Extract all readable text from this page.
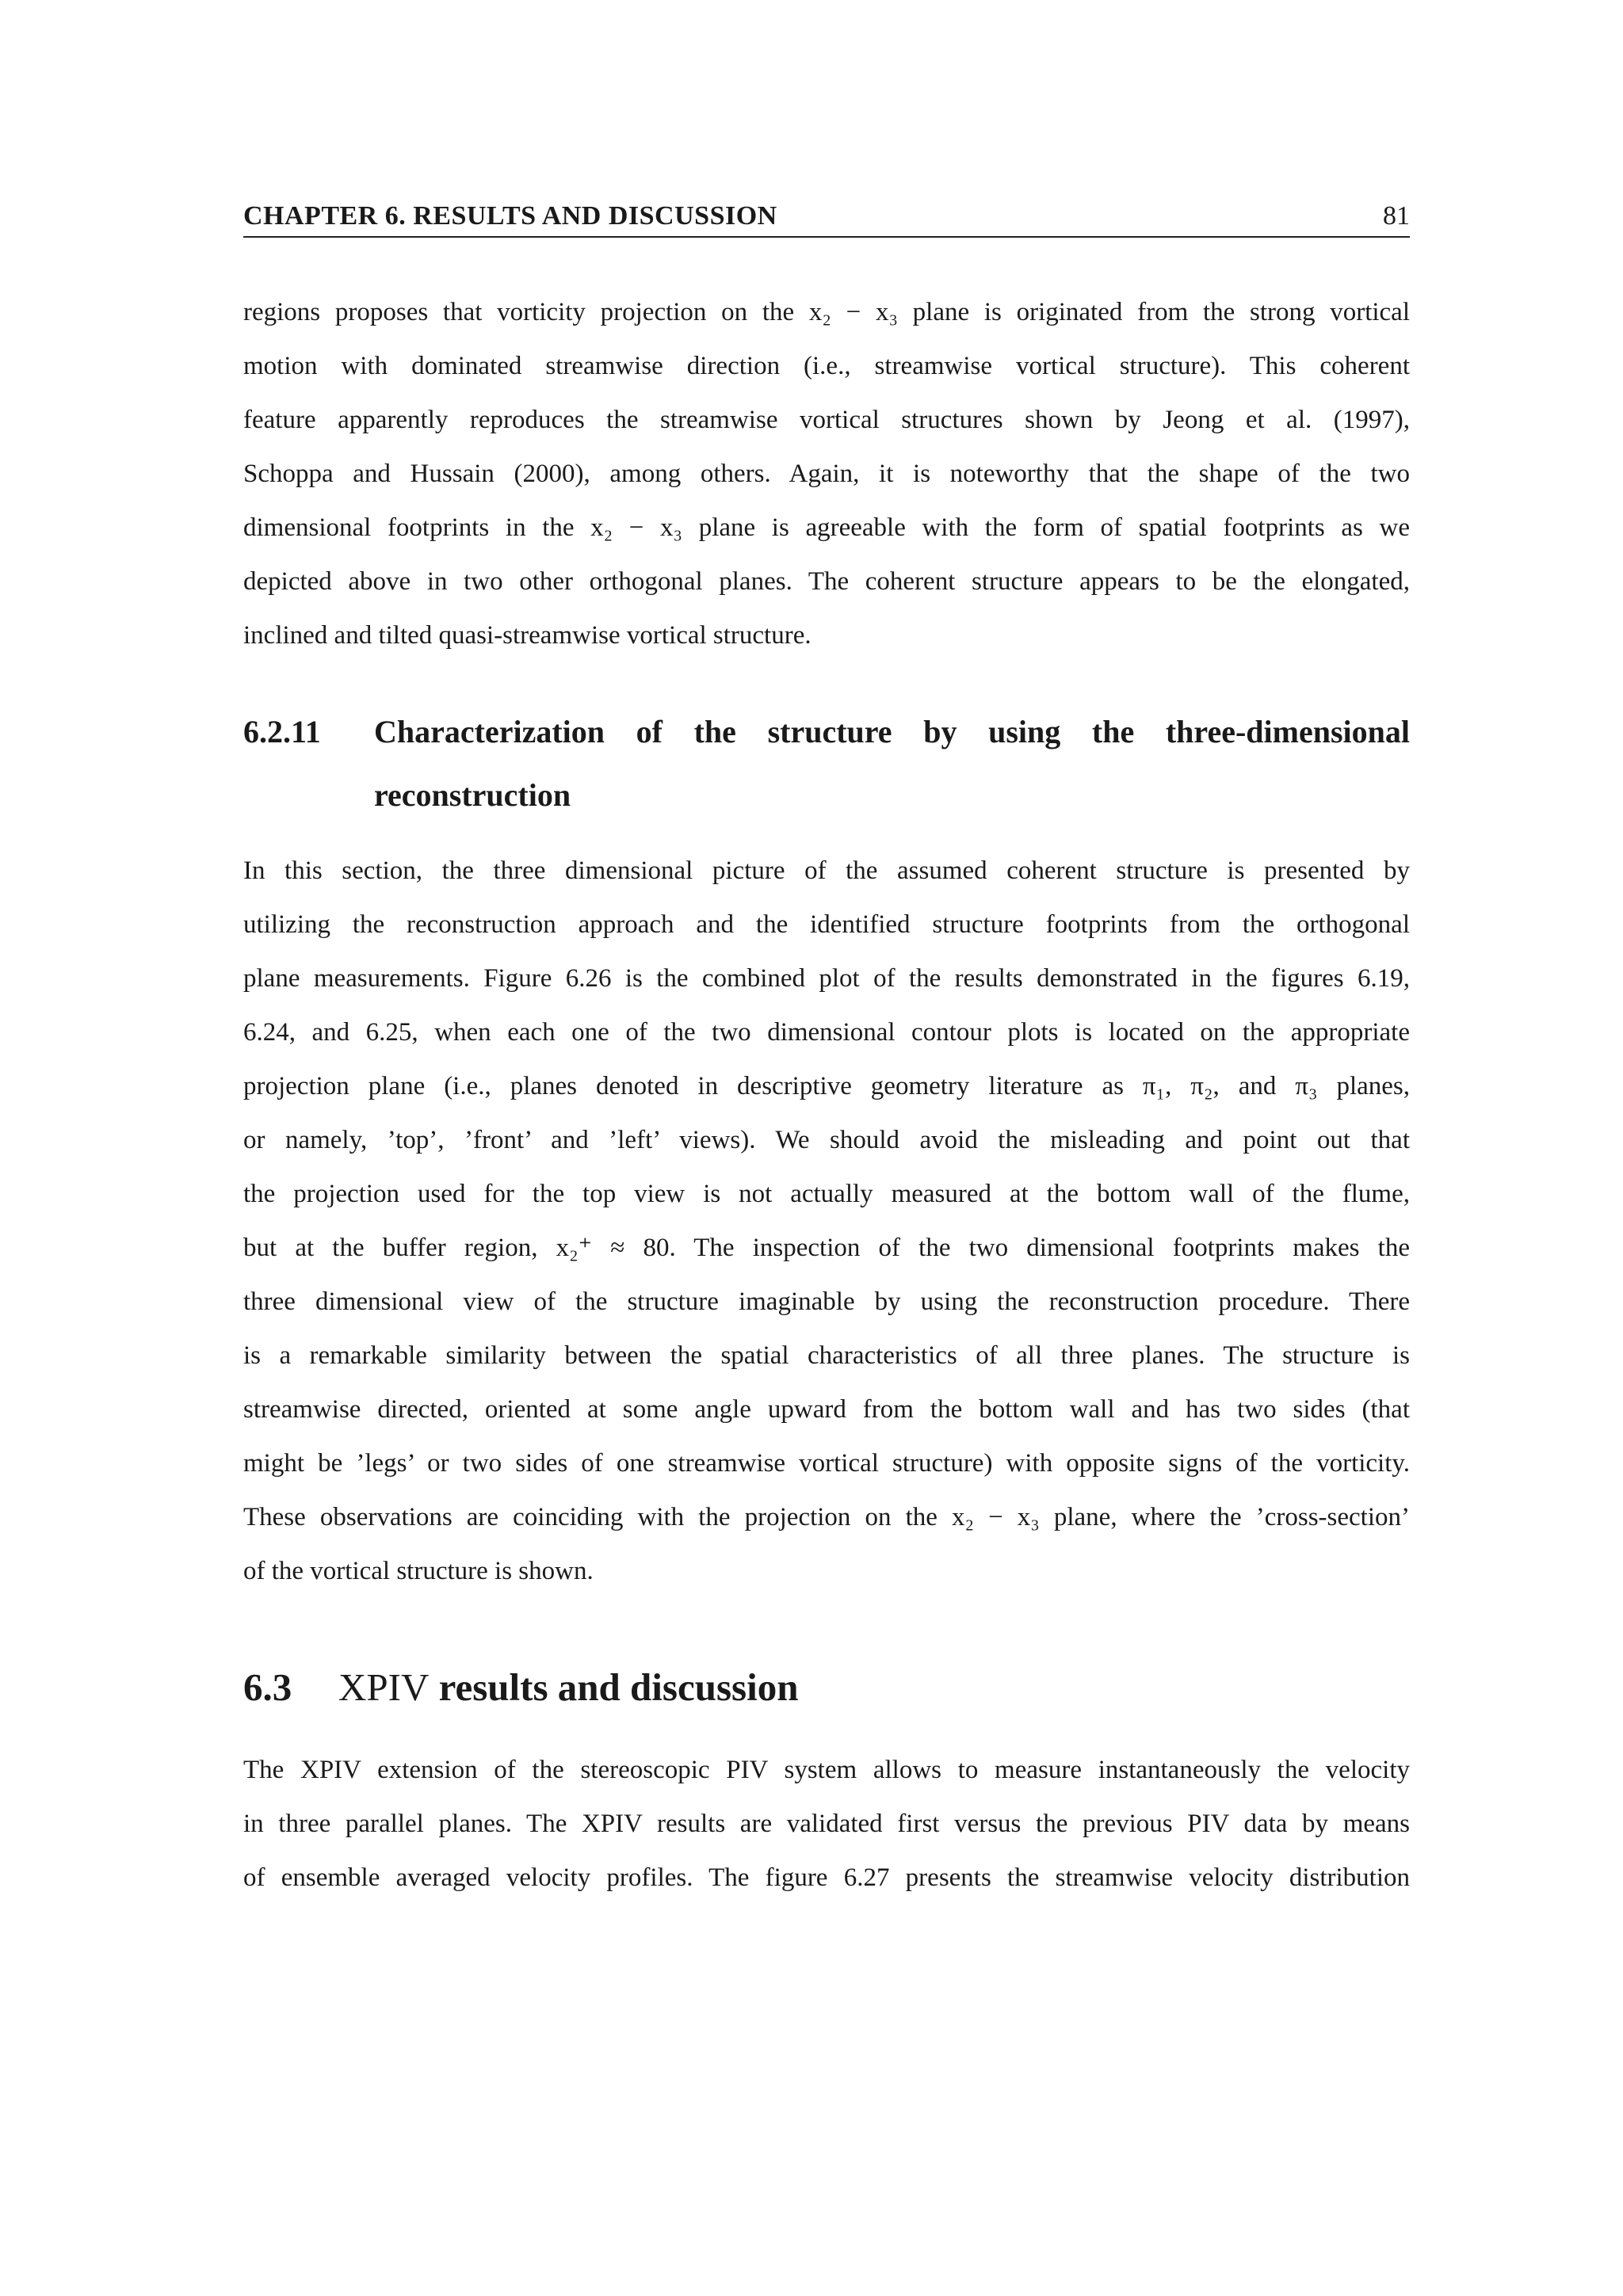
CHAPTER 6. RESULTS AND DISCUSSION	81
regions proposes that vorticity projection on the x₂ − x₃ plane is originated from the strong vortical
motion with dominated streamwise direction (i.e., streamwise vortical structure). This coherent
feature apparently reproduces the streamwise vortical structures shown by Jeong et al. (1997),
Schoppa and Hussain (2000), among others. Again, it is noteworthy that the shape of the two
dimensional footprints in the x₂ − x₃ plane is agreeable with the form of spatial footprints as we
depicted above in two other orthogonal planes. The coherent structure appears to be the elongated,
inclined and tilted quasi-streamwise vortical structure.
6.2.11 Characterization of the structure by using the three-dimensional
reconstruction
In this section, the three dimensional picture of the assumed coherent structure is presented by
utilizing the reconstruction approach and the identified structure footprints from the orthogonal
plane measurements. Figure 6.26 is the combined plot of the results demonstrated in the figures 6.19,
6.24, and 6.25, when each one of the two dimensional contour plots is located on the appropriate
projection plane (i.e., planes denoted in descriptive geometry literature as π₁, π₂, and π₃ planes,
or namely, ’top’, ’front’ and ’left’ views). We should avoid the misleading and point out that
the projection used for the top view is not actually measured at the bottom wall of the flume,
but at the buffer region, x₂⁺ ≈ 80. The inspection of the two dimensional footprints makes the
three dimensional view of the structure imaginable by using the reconstruction procedure. There
is a remarkable similarity between the spatial characteristics of all three planes. The structure is
streamwise directed, oriented at some angle upward from the bottom wall and has two sides (that
might be ’legs’ or two sides of one streamwise vortical structure) with opposite signs of the vorticity.
These observations are coinciding with the projection on the x₂ − x₃ plane, where the ’cross-section’
of the vortical structure is shown.
6.3 XPIV results and discussion
The XPIV extension of the stereoscopic PIV system allows to measure instantaneously the velocity
in three parallel planes. The XPIV results are validated first versus the previous PIV data by means
of ensemble averaged velocity profiles. The figure 6.27 presents the streamwise velocity distribution
